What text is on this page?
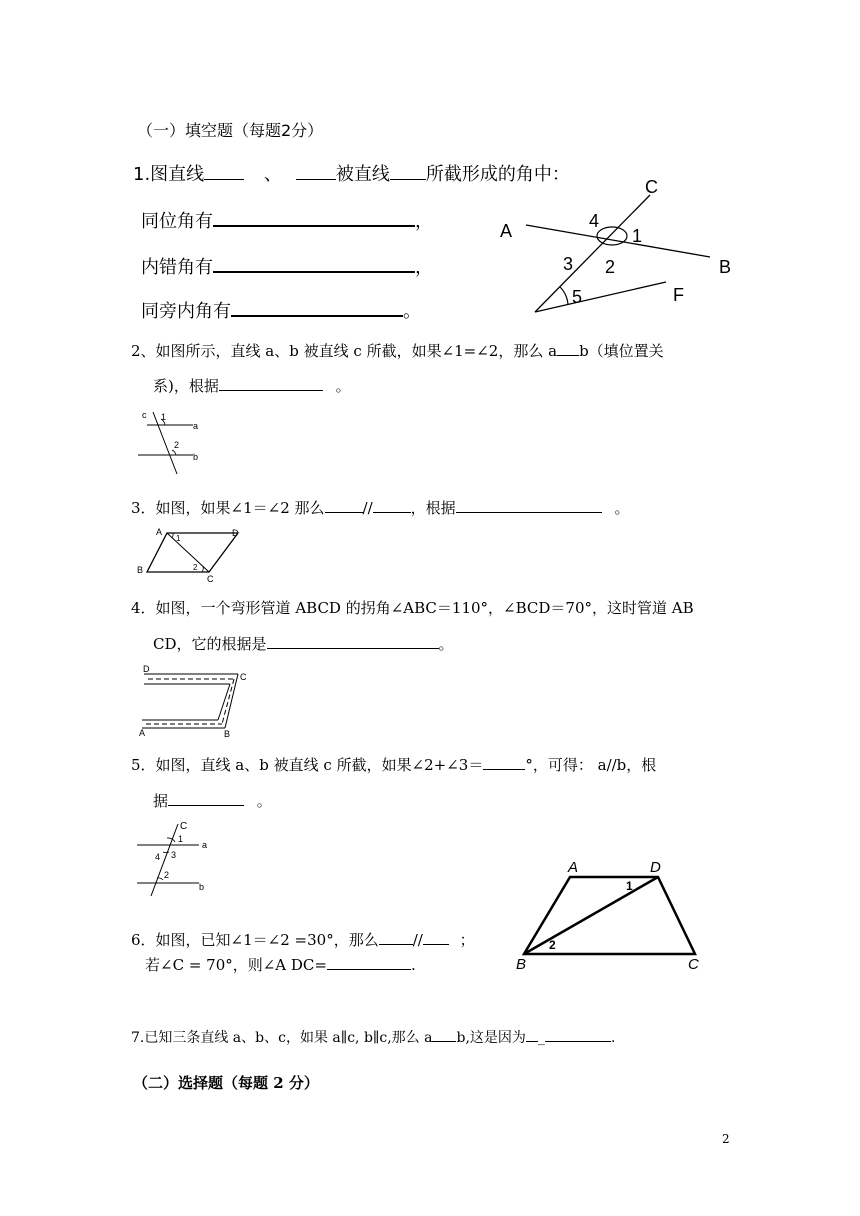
（一）填空题（每题2分）
1.图直线	、	被直线 所截形成的角中：
同位角有	，
内错角有	，
同旁内角有	。
C
A
B
F
4
1
3 2
5
2、如图所示，直线 a、b 被直线 c 所截，如果∠1=∠2，那么 a b（填位置关
系)，根据	。
c 1
a
2
b
3．如图，如果∠1＝∠2 那么	//	，根据	。
A	D
B
C
1
2
4．如图，一个弯形管道 ABCD 的拐角∠ABC＝110°，∠BCD＝70°，这时管道 AB
CD，它的根据是	。
D
C
A	B
5．如图，直线 a、b 被直线 c 所截，如果∠2+∠3＝	°，可得： a//b，根
据	。
C
1
a
4 3
2
b
6．如图，已知∠1＝∠2 =30°，那么 // ；
若∠C = 70°，则∠A DC=	.
A	D
B	C
1
2
7.已知三条直线 a、b、c，如果 a∥c, b∥c,那么 a b,这是因为 _	.
（二）选择题（每题 2 分）
2
